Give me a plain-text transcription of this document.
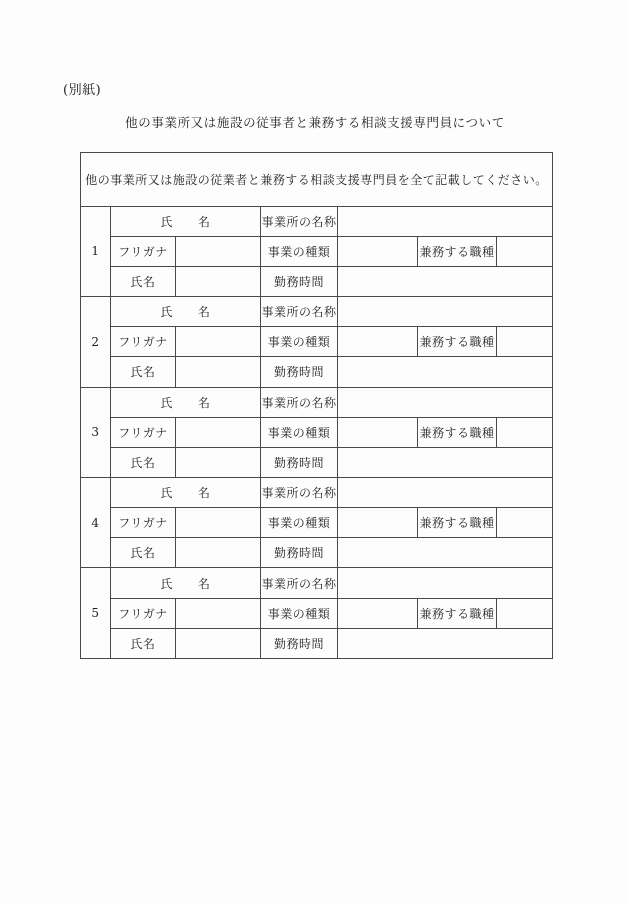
(別紙)
他の事業所又は施設の従事者と兼務する相談支援専門員について
他の事業所又は施設の従業者と兼務する相談支援専門員を全て記載してください。						
1	氏　　名		事業所の名称			
	フリガナ		事業の種類		兼務する職種	
	氏名		勤務時間			
2	氏　　名		事業所の名称			
	フリガナ		事業の種類		兼務する職種	
	氏名		勤務時間			
3	氏　　名		事業所の名称			
	フリガナ		事業の種類		兼務する職種	
	氏名		勤務時間			
4	氏　　名		事業所の名称			
	フリガナ		事業の種類		兼務する職種	
	氏名		勤務時間			
5	氏　　名		事業所の名称			
	フリガナ		事業の種類		兼務する職種	
	氏名		勤務時間			
